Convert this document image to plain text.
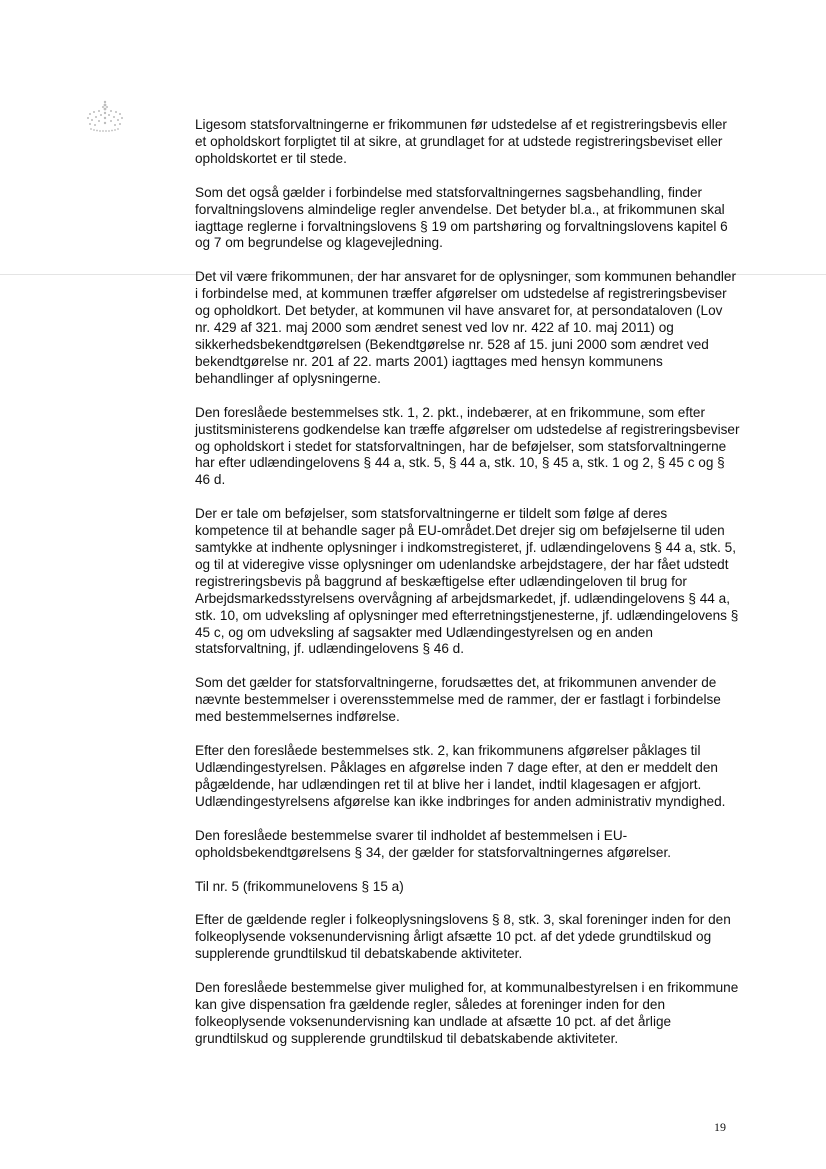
Ligesom statsforvaltningerne er frikommunen før udstedelse af et registreringsbevis eller et opholdskort forpligtet til at sikre, at grundlaget for at udstede registreringsbeviset eller opholdskortet er til stede.

Som det også gælder i forbindelse med statsforvaltningernes sagsbehandling, finder forvaltningslovens almindelige regler anvendelse. Det betyder bl.a., at frikommunen skal iagttage reglerne i forvaltningslovens § 19 om partshøring og forvaltningslovens kapitel 6 og 7 om begrundelse og klagevejledning.

Det vil være frikommunen, der har ansvaret for de oplysninger, som kommunen behandler i forbindelse med, at kommunen træffer afgørelser om udstedelse af registreringsbeviser og opholdkort. Det betyder, at kommunen vil have ansvaret for, at persondataloven (Lov nr. 429 af 321. maj 2000 som ændret senest ved lov nr. 422 af 10. maj 2011) og sikkerhedsbekendtgørelsen (Bekendtgørelse nr. 528 af 15. juni 2000 som ændret ved bekendtgørelse nr. 201 af 22. marts 2001) iagttages med hensyn kommunens behandlinger af oplysningerne.

Den foreslåede bestemmelses stk. 1, 2. pkt., indebærer, at en frikommune, som efter justitsministerens godkendelse kan træffe afgørelser om udstedelse af registreringsbeviser og opholdskort i stedet for statsforvaltningen, har de beføjelser, som statsforvaltningerne har efter udlændingelovens § 44 a, stk. 5, § 44 a, stk. 10, § 45 a, stk. 1 og 2, § 45 c og § 46 d.

Der er tale om beføjelser, som statsforvaltningerne er tildelt som følge af deres kompetence til at behandle sager på EU-området.Det drejer sig om beføjelserne til uden samtykke at indhente oplysninger i indkomstregisteret, jf. udlændingelovens § 44 a, stk. 5, og til at videregive visse oplysninger om udenlandske arbejdstagere, der har fået udstedt registreringsbevis på baggrund af beskæftigelse efter udlændingeloven til brug for Arbejdsmarkedsstyrelsens overvågning af arbejdsmarkedet, jf. udlændingelovens § 44 a, stk. 10, om udveksling af oplysninger med efterretningstjenesterne, jf. udlændingelovens § 45 c, og om udveksling af sagsakter med Udlændingestyrelsen og en anden statsforvaltning, jf. udlændingelovens § 46 d.

Som det gælder for statsforvaltningerne, forudsættes det, at frikommunen anvender de nævnte bestemmelser i overensstemmelse med de rammer, der er fastlagt i forbindelse med bestemmelsernes indførelse.

Efter den foreslåede bestemmelses stk. 2, kan frikommunens afgørelser påklages til Udlændingestyrelsen. Påklages en afgørelse inden 7 dage efter, at den er meddelt den pågældende, har udlændingen ret til at blive her i landet, indtil klagesagen er afgjort. Udlændingestyrelsens afgørelse kan ikke indbringes for anden administrativ myndighed.

Den foreslåede bestemmelse svarer til indholdet af bestemmelsen i EU-opholdsbekendtgørelsens § 34, der gælder for statsforvaltningernes afgørelser.

Til nr. 5 (frikommunelovens § 15 a)

Efter de gældende regler i folkeoplysningslovens § 8, stk. 3, skal foreninger inden for den folkeoplysende voksenundervisning årligt afsætte 10 pct. af det ydede grundtilskud og supplerende grundtilskud til debatskabende aktiviteter.

Den foreslåede bestemmelse giver mulighed for, at kommunalbestyrelsen i en frikommune kan give dispensation fra gældende regler, således at foreninger inden for den folkeoplysende voksenundervisning kan undlade at afsætte 10 pct. af det årlige grundtilskud og supplerende grundtilskud til debatskabende aktiviteter.

19
